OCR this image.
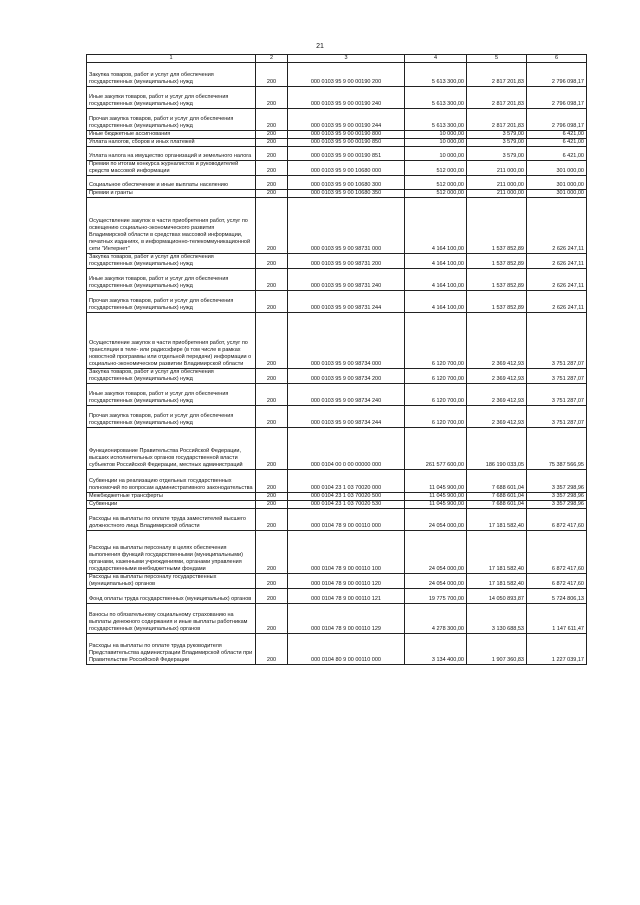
21
1	2	3	4	5	6
Закупка товаров, работ и услуг для обеспечения государственных (муниципальных) нужд	200	000 0103 95 9 00 00190 200	5 613 300,00	2 817 201,83	2 796 098,17
Иные закупки товаров, работ и услуг для обеспечения государственных (муниципальных) нужд	200	000 0103 95 9 00 00190 240	5 613 300,00	2 817 201,83	2 796 098,17
Прочая закупка товаров, работ и услуг для обеспечения государственных (муниципальных) нужд	200	000 0103 95 9 00 00190 244	5 613 300,00	2 817 201,83	2 796 098,17
Иные бюджетные ассигнования	200	000 0103 95 9 00 00190 800	10 000,00	3 579,00	6 421,00
Уплата налогов, сборов и иных платежей	200	000 0103 95 9 00 00190 850	10 000,00	3 579,00	6 421,00
Уплата налога на имущество организаций и земельного налога	200	000 0103 95 9 00 00190 851	10 000,00	3 579,00	6 421,00
Премии по итогам конкурса журналистов и руководителей средств массовой информации	200	000 0103 95 9 00 10680 000	512 000,00	211 000,00	301 000,00
Социальное обеспечение и иные выплаты населению	200	000 0103 95 9 00 10680 300	512 000,00	211 000,00	301 000,00
Премии и гранты	200	000 0103 95 9 00 10680 350	512 000,00	211 000,00	301 000,00
Осуществление закупок в части приобретения работ, услуг по освещению социально-экономического развития Владимирской области в средствах массовой информации, печатных изданиях, в информационно-телекоммуникационной сети "Интернет"	200	000 0103 95 9 00 98731 000	4 164 100,00	1 537 852,89	2 626 247,11
Закупка товаров, работ и услуг для обеспечения государственных (муниципальных) нужд	200	000 0103 95 9 00 98731 200	4 164 100,00	1 537 852,89	2 626 247,11
Иные закупки товаров, работ и услуг для обеспечения государственных (муниципальных) нужд	200	000 0103 95 9 00 98731 240	4 164 100,00	1 537 852,89	2 626 247,11
Прочая закупка товаров, работ и услуг для обеспечения государственных (муниципальных) нужд	200	000 0103 95 9 00 98731 244	4 164 100,00	1 537 852,89	2 626 247,11
Осуществление закупок в части приобретения работ, услуг по трансляции в теле- или радиоэфире (в том числе в рамках новостной программы или отдельной передачи) информации о социально-экономическом развитии Владимирской области	200	000 0103 95 9 00 98734 000	6 120 700,00	2 369 412,93	3 751 287,07
Закупка товаров, работ и услуг для обеспечения государственных (муниципальных) нужд	200	000 0103 95 9 00 98734 200	6 120 700,00	2 369 412,93	3 751 287,07
Иные закупки товаров, работ и услуг для обеспечения государственных (муниципальных) нужд	200	000 0103 95 9 00 98734 240	6 120 700,00	2 369 412,93	3 751 287,07
Прочая закупка товаров, работ и услуг для обеспечения государственных (муниципальных) нужд	200	000 0103 95 9 00 98734 244	6 120 700,00	2 369 412,93	3 751 287,07
Функционирование Правительства Российской Федерации, высших исполнительных органов государственной власти субъектов Российской Федерации, местных администраций	200	000 0104 00 0 00 00000 000	261 577 600,00	186 190 033,05	75 387 566,95
Субвенции на реализацию отдельных государственных полномочий по вопросам административного законодательства	200	000 0104 23 1 03 70020 000	11 045 900,00	7 688 601,04	3 357 298,96
Межбюджетные трансферты	200	000 0104 23 1 03 70020 500	11 045 900,00	7 688 601,04	3 357 298,96
Субвенции	200	000 0104 23 1 03 70020 530	11 045 900,00	7 688 601,04	3 357 298,96
Расходы на выплаты по оплате труда заместителей высшего должностного лица Владимирской области	200	000 0104 78 9 00 00110 000	24 054 000,00	17 181 582,40	6 872 417,60
Расходы на выплаты персоналу в целях обеспечения выполнения функций государственными (муниципальными) органами, казенными учреждениями, органами управления государственными внебюджетными фондами	200	000 0104 78 9 00 00110 100	24 054 000,00	17 181 582,40	6 872 417,60
Расходы на выплаты персоналу государственных (муниципальных) органов	200	000 0104 78 9 00 00110 120	24 054 000,00	17 181 582,40	6 872 417,60
Фонд оплаты труда государственных (муниципальных) органов	200	000 0104 78 9 00 00110 121	19 775 700,00	14 050 893,87	5 724 806,13
Взносы по обязательному социальному страхованию на выплаты денежного содержания и иные выплаты работникам государственных (муниципальных) органов	200	000 0104 78 9 00 00110 129	4 278 300,00	3 130 688,53	1 147 611,47
Расходы на выплаты по оплате труда руководителя Представительства администрации Владимирской области при Правительстве Российской Федерации	200	000 0104 80 9 00 00110 000	3 134 400,00	1 907 360,83	1 227 039,17
